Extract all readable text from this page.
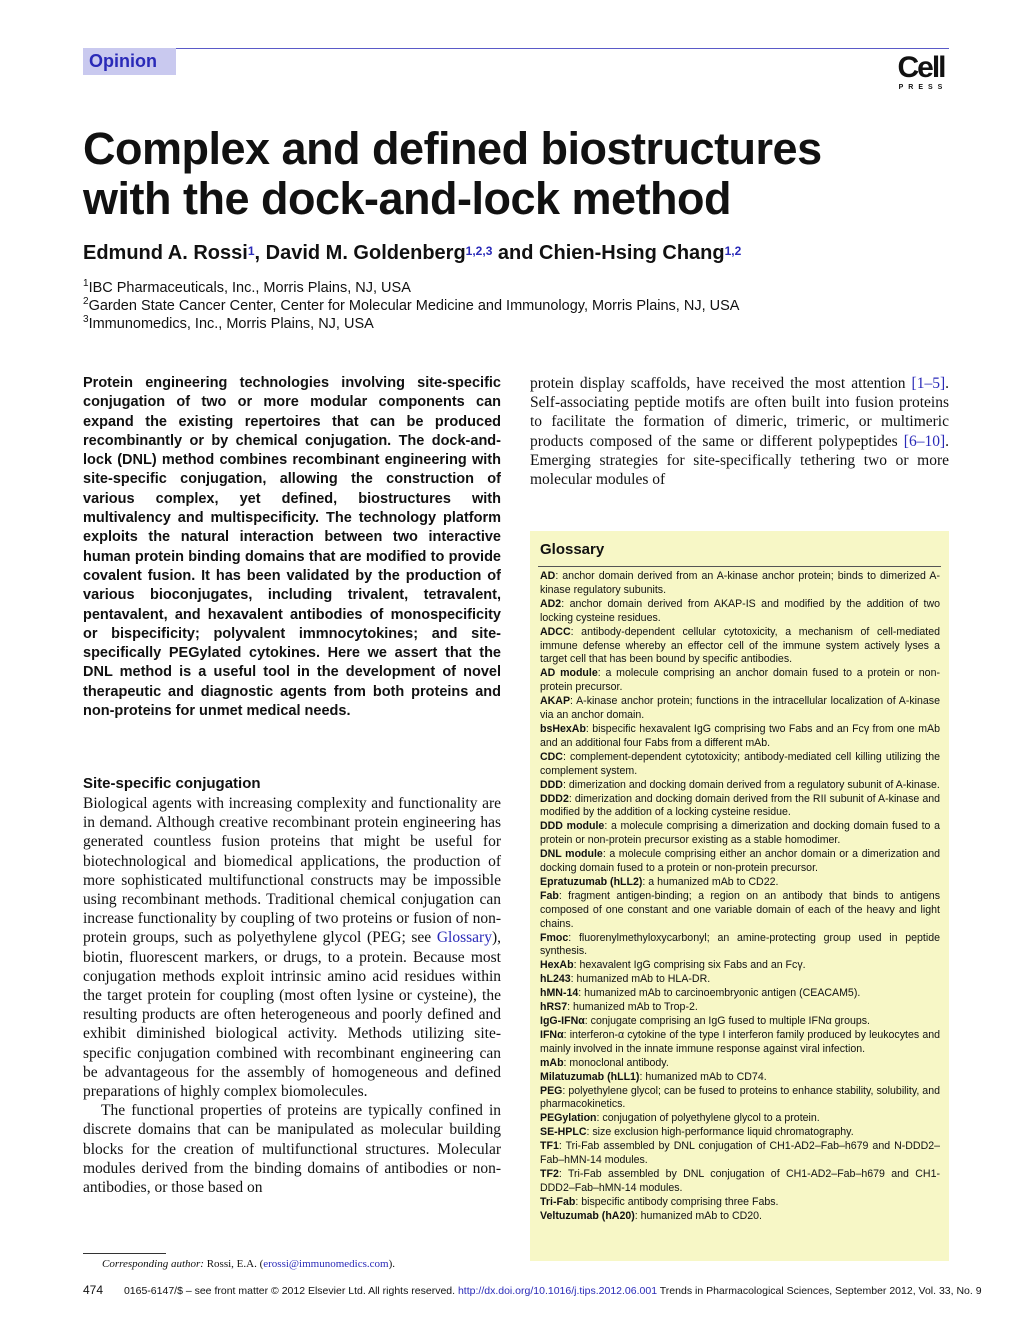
Opinion	Cell
PRESS
Complex and defined biostructures
with the dock-and-lock method
Edmund A. Rossi$^1$, David M. Goldenberg$^{1,2,3}$ and Chien-Hsing Chang$^{1,2}$
$^1$IBC Pharmaceuticals, Inc., Morris Plains, NJ, USA
$^2$Garden State Cancer Center, Center for Molecular Medicine and Immunology, Morris Plains, NJ, USA
$^3$Immunomedics, Inc., Morris Plains, NJ, USA
Protein engineering technologies involving site-specific conjugation of two or more modular components can expand the existing repertoires that can be produced recombinantly or by chemical conjugation. The dock-and-lock (DNL) method combines recombinant engineering with site-specific conjugation, allowing the construction of various complex, yet defined, biostructures with multivalency and multispecificity. The technology platform exploits the natural interaction between two interactive human protein binding domains that are modified to provide covalent fusion. It has been validated by the production of various bioconjugates, including trivalent, tetravalent, pentavalent, and hexavalent antibodies of monospecificity or bispecificity; polyvalent immnocytokines; and site-specifically PEGylated cytokines. Here we assert that the DNL method is a useful tool in the development of novel therapeutic and diagnostic agents from both proteins and non-proteins for unmet medical needs.
Site-specific conjugation

Biological agents with increasing complexity and functionality are in demand. Although creative recombinant protein engineering has generated countless fusion proteins that might be useful for biotechnological and biomedical applications, the production of more sophisticated multifunctional constructs may be impossible using recombinant methods. Traditional chemical conjugation can increase functionality by coupling of two proteins or fusion of non-protein groups, such as polyethylene glycol (PEG; see Glossary), biotin, fluorescent markers, or drugs, to a protein. Because most conjugation methods exploit intrinsic amino acid residues within the target protein for coupling (most often lysine or cysteine), the resulting products are often heterogeneous and poorly defined and exhibit diminished biological activity. Methods utilizing site-specific conjugation combined with recombinant engineering can be advantageous for the assembly of homogeneous and defined preparations of highly complex biomolecules.

The functional properties of proteins are typically confined in discrete domains that can be manipulated as molecular building blocks for the creation of multifunctional structures. Molecular modules derived from the binding domains of antibodies or non-antibodies, or those based on

protein display scaffolds, have received the most attention [1–5]. Self-associating peptide motifs are often built into fusion proteins to facilitate the formation of dimeric, trimeric, or multimeric products composed of the same or different polypeptides [6–10]. Emerging strategies for site-specifically tethering two or more molecular modules of
Glossary
AD: anchor domain derived from an A-kinase anchor protein; binds to dimerized A-kinase regulatory subunits.
AD2: anchor domain derived from AKAP-IS and modified by the addition of two locking cysteine residues.
ADCC: antibody-dependent cellular cytotoxicity, a mechanism of cell-mediated immune defense whereby an effector cell of the immune system actively lyses a target cell that has been bound by specific antibodies.
AD module: a molecule comprising an anchor domain fused to a protein or non-protein precursor.
AKAP: A-kinase anchor protein; functions in the intracellular localization of A-kinase via an anchor domain.
bsHexAb: bispecific hexavalent IgG comprising two Fabs and an Fcγ from one mAb and an additional four Fabs from a different mAb.
CDC: complement-dependent cytotoxicity; antibody-mediated cell killing utilizing the complement system.
DDD: dimerization and docking domain derived from a regulatory subunit of A-kinase.
DDD2: dimerization and docking domain derived from the RII subunit of A-kinase and modified by the addition of a locking cysteine residue.
DDD module: a molecule comprising a dimerization and docking domain fused to a protein or non-protein precursor existing as a stable homodimer.
DNL module: a molecule comprising either an anchor domain or a dimerization and docking domain fused to a protein or non-protein precursor.
Epratuzumab (hLL2): a humanized mAb to CD22.
Fab: fragment antigen-binding; a region on an antibody that binds to antigens composed of one constant and one variable domain of each of the heavy and light chains.
Fmoc: fluorenylmethyloxycarbonyl; an amine-protecting group used in peptide synthesis.
HexAb: hexavalent IgG comprising six Fabs and an Fcγ.
hL243: humanized mAb to HLA-DR.
hMN-14: humanized mAb to carcinoembryonic antigen (CEACAM5).
hRS7: humanized mAb to Trop-2.
IgG-IFNα: conjugate comprising an IgG fused to multiple IFNα groups.
IFNα: interferon-α cytokine of the type I interferon family produced by leukocytes and mainly involved in the innate immune response against viral infection.
mAb: monoclonal antibody.
Milatuzumab (hLL1): humanized mAb to CD74.
PEG: polyethylene glycol; can be fused to proteins to enhance stability, solubility, and pharmacokinetics.
PEGylation: conjugation of polyethylene glycol to a protein.
SE-HPLC: size exclusion high-performance liquid chromatography.
TF1: Tri-Fab assembled by DNL conjugation of CH1-AD2–Fab–h679 and N-DDD2–Fab–hMN-14 modules.
TF2: Tri-Fab assembled by DNL conjugation of CH1-AD2–Fab–h679 and CH1-DDD2–Fab–hMN-14 modules.
Tri-Fab: bispecific antibody comprising three Fabs.
Veltuzumab (hA20): humanized mAb to CD20.
Corresponding author: Rossi, E.A. (erossi@immunomedics.com).
474 0165-6147/$ – see front matter © 2012 Elsevier Ltd. All rights reserved. http://dx.doi.org/10.1016/j.tips.2012.06.001 Trends in Pharmacological Sciences, September 2012, Vol. 33, No. 9
